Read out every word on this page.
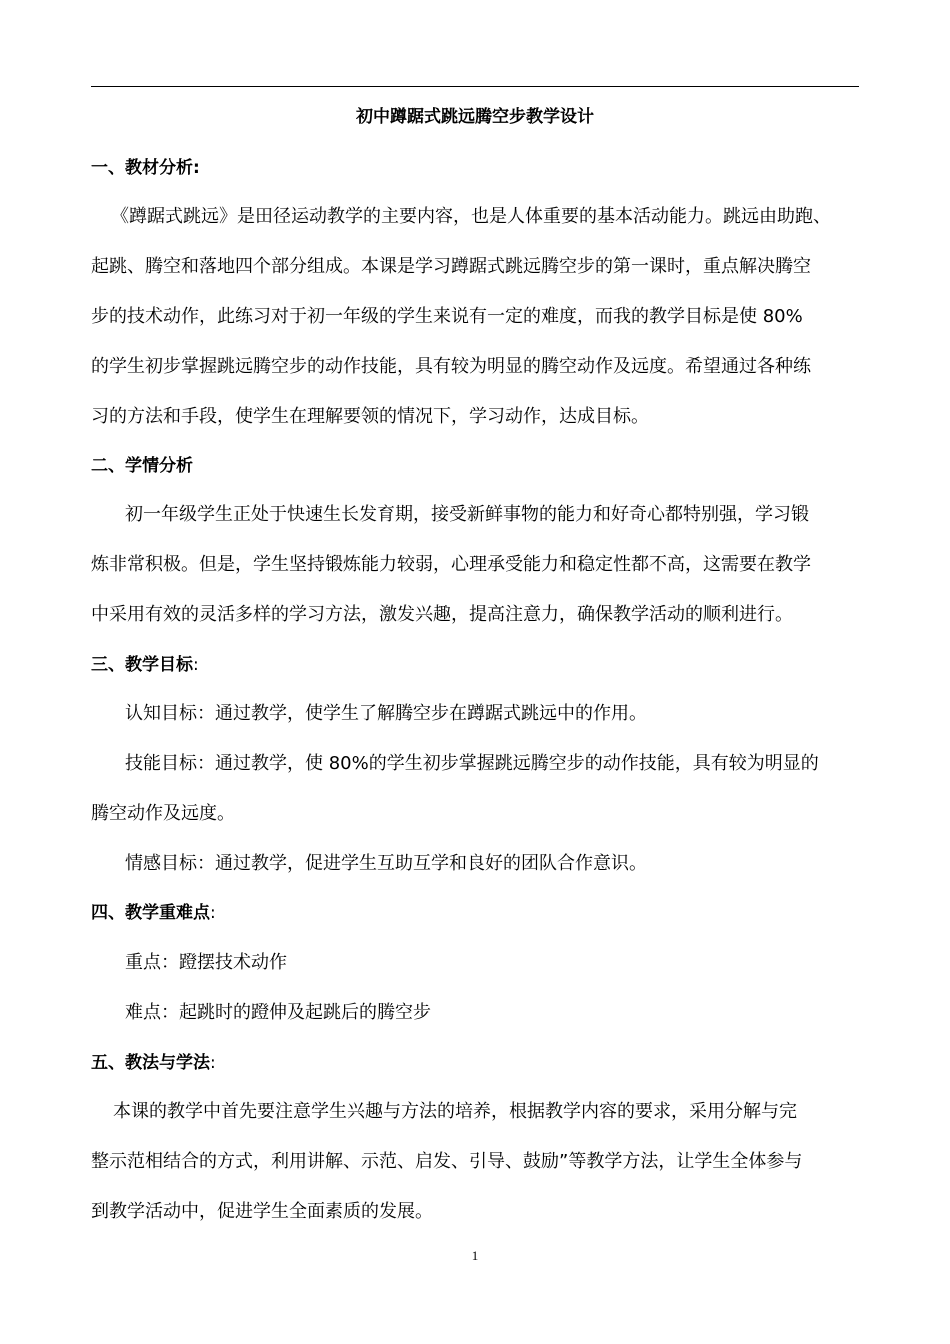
初中蹲踞式跳远腾空步教学设计
一、教材分析:
《蹲踞式跳远》是田径运动教学的主要内容，也是人体重要的基本活动能力。跳远由助跑、
起跳、腾空和落地四个部分组成。本课是学习蹲踞式跳远腾空步的第一课时，重点解决腾空
步的技术动作，此练习对于初一年级的学生来说有一定的难度，而我的教学目标是使 80%
的学生初步掌握跳远腾空步的动作技能，具有较为明显的腾空动作及远度。希望通过各种练
习的方法和手段，使学生在理解要领的情况下，学习动作，达成目标。
二、学情分析
初一年级学生正处于快速生长发育期，接受新鲜事物的能力和好奇心都特别强，学习锻
炼非常积极。但是，学生坚持锻炼能力较弱，心理承受能力和稳定性都不高，这需要在教学
中采用有效的灵活多样的学习方法，激发兴趣，提高注意力，确保教学活动的顺利进行。
三、教学目标:
认知目标：通过教学，使学生了解腾空步在蹲踞式跳远中的作用。
技能目标：通过教学，使 80%的学生初步掌握跳远腾空步的动作技能，具有较为明显的
腾空动作及远度。
情感目标：通过教学，促进学生互助互学和良好的团队合作意识。
四、教学重难点:
重点：蹬摆技术动作
难点：起跳时的蹬伸及起跳后的腾空步
五、教法与学法:
本课的教学中首先要注意学生兴趣与方法的培养，根据教学内容的要求，采用分解与完
整示范相结合的方式，利用讲解、示范、启发、引导、鼓励”等教学方法，让学生全体参与
到教学活动中，促进学生全面素质的发展。
1
